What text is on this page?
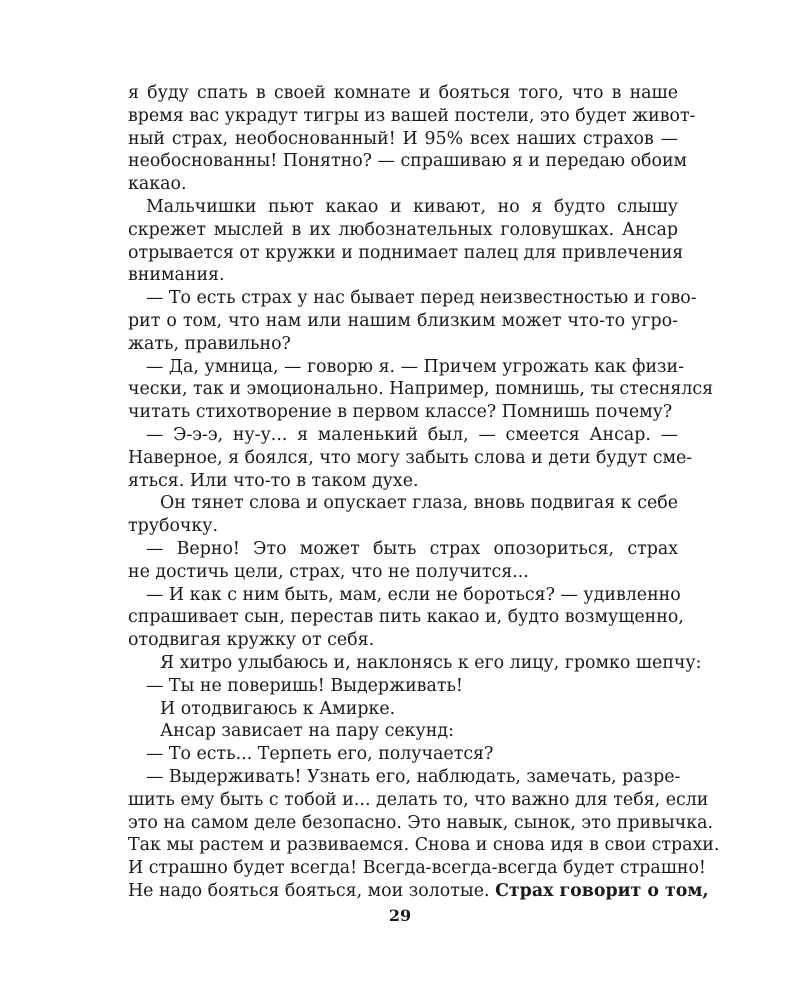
я буду спать в своей комнате и бояться того, что в наше
время вас украдут тигры из вашей постели, это будет живот-
ный страх, необоснованный! И 95% всех наших страхов —
необоснованны! Понятно? — спрашиваю я и передаю обоим
какао.
Мальчишки пьют какао и кивают, но я будто слышу
скрежет мыслей в их любознательных головушках. Ансар
отрывается от кружки и поднимает палец для привлечения
внимания.
— То есть страх у нас бывает перед неизвестностью и гово-
рит о том, что нам или нашим близким может что-то угро-
жать, правильно?
— Да, умница, — говорю я. — Причем угрожать как физи-
чески, так и эмоционально. Например, помнишь, ты стеснялся
читать стихотворение в первом классе? Помнишь почему?
— Э-э-э, ну-у... я маленький был, — смеется Ансар. —
Наверное, я боялся, что могу забыть слова и дети будут сме-
яться. Или что-то в таком духе.
Он тянет слова и опускает глаза, вновь подвигая к себе
трубочку.
— Верно! Это может быть страх опозориться, страх
не достичь цели, страх, что не получится...
— И как с ним быть, мам, если не бороться? — удивленно
спрашивает сын, перестав пить какао и, будто возмущенно,
отодвигая кружку от себя.
Я хитро улыбаюсь и, наклонясь к его лицу, громко шепчу:
— Ты не поверишь! Выдерживать!
И отодвигаюсь к Амирке.
Ансар зависает на пару секунд:
— То есть... Терпеть его, получается?
— Выдерживать! Узнать его, наблюдать, замечать, разре-
шить ему быть с тобой и... делать то, что важно для тебя, если
это на самом деле безопасно. Это навык, сынок, это привычка.
Так мы растем и развиваемся. Снова и снова идя в свои страхи.
И страшно будет всегда! Всегда-всегда-всегда будет страшно!
Не надо бояться бояться, мои золотые. Страх говорит о том,
29
